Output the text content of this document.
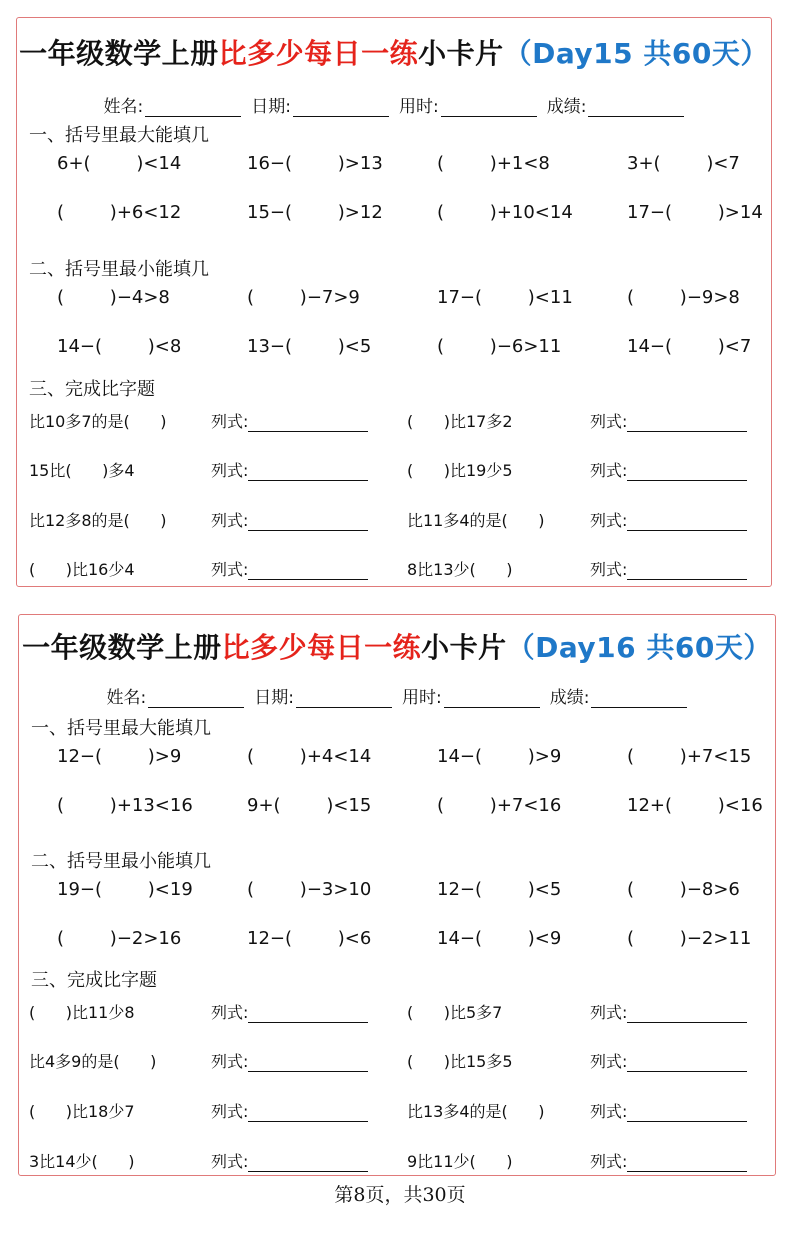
一年级数学上册比多少每日一练小卡片（Day15 共60天）
姓名:	日期:	用时:	成绩:
一、括号里最大能填几
6+(        )<14	16−(        )>13	(        )+1<8	3+(        )<7
(        )+6<12	15−(        )>12	(        )+10<14	17−(        )>14
二、括号里最小能填几
(        )−4>8	(        )−7>9	17−(        )<11	(        )−9>8
14−(        )<8	13−(        )<5	(        )−6>11	14−(        )<7
三、完成比字题
比10多7的是(      )	列式:	(      )比17多2	列式:
15比(      )多4	列式:	(      )比19少5	列式:
比12多8的是(      )	列式:	比11多4的是(      )	列式:
(      )比16少4	列式:	8比13少(      )	列式:
一年级数学上册比多少每日一练小卡片（Day16 共60天）
姓名:	日期:	用时:	成绩:
一、括号里最大能填几
12−(        )>9	(        )+4<14	14−(        )>9	(        )+7<15
(        )+13<16	9+(        )<15	(        )+7<16	12+(        )<16
二、括号里最小能填几
19−(        )<19	(        )−3>10	12−(        )<5	(        )−8>6
(        )−2>16	12−(        )<6	14−(        )<9	(        )−2>11
三、完成比字题
(      )比11少8	列式:	(      )比5多7	列式:
比4多9的是(      )	列式:	(      )比15多5	列式:
(      )比18少7	列式:	比13多4的是(      )	列式:
3比14少(      )	列式:	9比11少(      )	列式:
第8页，共30页
